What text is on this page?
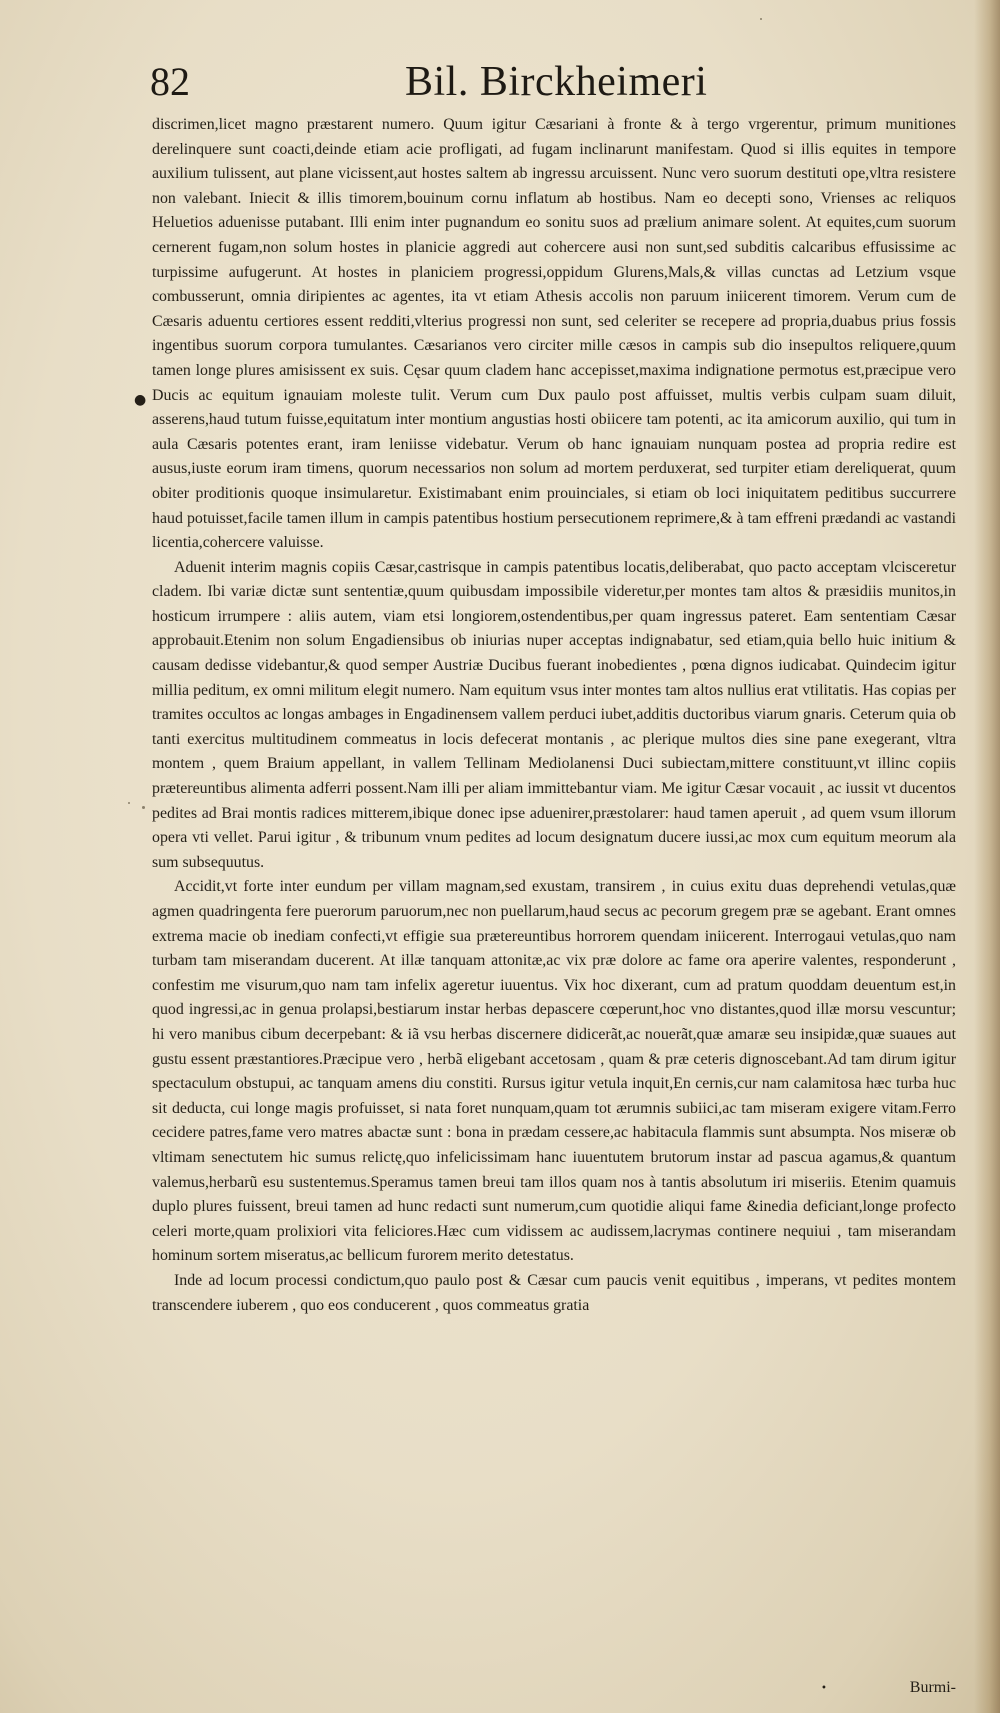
82	Bil. Birckheimeri
●

discrimen,licet magno præstarent numero. Quum igitur Cæsariani à fronte & à tergo vrgerentur, primum munitiones derelinquere sunt coacti,deinde etiam acie profligati, ad fugam inclinarunt manifestam. Quod si illis equites in tempore auxilium tulissent, aut plane vicissent,aut hostes saltem ab ingressu arcuissent. Nunc vero suorum destituti ope,vltra resistere non valebant. Iniecit & illis timorem,bouinum cornu inflatum ab hostibus. Nam eo decepti sono, Vrienses ac reliquos Heluetios aduenisse putabant. Illi enim inter pugnandum eo sonitu suos ad prælium animare solent. At equites,cum suorum cernerent fugam,non solum hostes in planicie aggredi aut cohercere ausi non sunt,sed subditis calcaribus effusissime ac turpissime aufugerunt. At hostes in planiciem progressi,oppidum Glurens,Mals,& villas cunctas ad Letzium vsque combusserunt, omnia diripientes ac agentes, ita vt etiam Athesis accolis non paruum iniicerent timorem. Verum cum de Cæsaris aduentu certiores essent redditi,vlterius progressi non sunt, sed celeriter se recepere ad propria,duabus prius fossis ingentibus suorum corpora tumulantes. Cæsarianos vero circiter mille cæsos in campis sub dio insepultos reliquere,quum tamen longe plures amisissent ex suis. Cęsar quum cladem hanc accepisset,maxima indignatione permotus est,præcipue vero Ducis ac equitum ignauiam moleste tulit. Verum cum Dux paulo post affuisset, multis verbis culpam suam diluit, asserens,haud tutum fuisse,equitatum inter montium angustias hosti obiicere tam potenti, ac ita amicorum auxilio, qui tum in aula Cæsaris potentes erant, iram leniisse videbatur. Verum ob hanc ignauiam nunquam postea ad propria redire est ausus,iuste eorum iram timens, quorum necessarios non solum ad mortem perduxerat, sed turpiter etiam dereliquerat, quum obiter proditionis quoque insimularetur. Existimabant enim prouinciales, si etiam ob loci iniquitatem peditibus succurrere haud potuisset,facile tamen illum in campis patentibus hostium persecutionem reprimere,& à tam effreni prædandi ac vastandi licentia,cohercere valuisse.

Aduenit interim magnis copiis Cæsar,castrisque in campis patentibus locatis,deliberabat, quo pacto acceptam vlcisceretur cladem. Ibi variæ dictæ sunt sententiæ,quum quibusdam impossibile videretur,per montes tam altos & præsidiis munitos,in hosticum irrumpere : aliis autem, viam etsi longiorem,ostendentibus,per quam ingressus pateret. Eam sententiam Cæsar approbauit.Etenim non solum Engadiensibus ob iniurias nuper acceptas indignabatur, sed etiam,quia bello huic initium & causam dedisse videbantur,& quod semper Austriæ Ducibus fuerant inobedientes , pœna dignos iudicabat. Quindecim igitur millia peditum, ex omni militum elegit numero. Nam equitum vsus inter montes tam altos nullius erat vtilitatis. Has copias per tramites occultos ac longas ambages in Engadinensem vallem perduci iubet,additis ductoribus viarum gnaris. Ceterum quia ob tanti exercitus multitudinem commeatus in locis defecerat montanis , ac plerique multos dies sine pane exegerant, vltra montem , quem Braium appellant, in vallem Tellinam Mediolanensi Duci subiectam,mittere constituunt,vt illinc copiis prætereuntibus alimenta adferri possent.Nam illi per aliam immittebantur viam. Me igitur Cæsar vocauit , ac iussit vt ducentos pedites ad Brai montis radices mitterem,ibique donec ipse aduenirer,præstolarer: haud tamen aperuit , ad quem vsum illorum opera vti vellet. Parui igitur , & tribunum vnum pedites ad locum designatum ducere iussi,ac mox cum equitum meorum ala sum subsequutus.

Accidit,vt forte inter eundum per villam magnam,sed exustam, transirem , in cuius exitu duas deprehendi vetulas,quæ agmen quadringenta fere puerorum paruorum,nec non puellarum,haud secus ac pecorum gregem præ se agebant. Erant omnes extrema macie ob inediam confecti,vt effigie sua prætereuntibus horrorem quendam iniicerent. Interrogaui vetulas,quo nam turbam tam miserandam ducerent. At illæ tanquam attonitæ,ac vix præ dolore ac fame ora aperire valentes, responderunt , confestim me visurum,quo nam tam infelix ageretur iuuentus. Vix hoc dixerant, cum ad pratum quoddam deuentum est,in quod ingressi,ac in genua prolapsi,bestiarum instar herbas depascere cœperunt,hoc vno distantes,quod illæ morsu vescuntur; hi vero manibus cibum decerpebant: & iã vsu herbas discernere didicerãt,ac nouerãt,quæ amaræ seu insipidæ,quæ suaues aut gustu essent præstantiores.Præcipue vero , herbã eligebant accetosam , quam & præ ceteris dignoscebant.Ad tam dirum igitur spectaculum obstupui, ac tanquam amens diu constiti. Rursus igitur vetula inquit,En cernis,cur nam calamitosa hæc turba huc sit deducta, cui longe magis profuisset, si nata foret nunquam,quam tot ærumnis subiici,ac tam miseram exigere vitam.Ferro cecidere patres,fame vero matres abactæ sunt : bona in prædam cessere,ac habitacula flammis sunt absumpta. Nos miseræ ob vltimam senectutem hic sumus relictę,quo infelicissimam hanc iuuentutem brutorum instar ad pascua agamus,& quantum valemus,herbarũ esu sustentemus.Speramus tamen breui tam illos quam nos à tantis absolutum iri miseriis. Etenim quamuis duplo plures fuissent, breui tamen ad hunc redacti sunt numerum,cum quotidie aliqui fame &inedia deficiant,longe profecto celeri morte,quam prolixiori vita feliciores.Hæc cum vidissem ac audissem,lacrymas continere nequiui , tam miserandam hominum sortem miseratus,ac bellicum furorem merito detestatus.

Inde ad locum processi condictum,quo paulo post & Cæsar cum paucis venit equitibus , imperans, vt pedites montem transcendere iuberem , quo eos conducerent , quos commeatus gratia

•	Burmi-
